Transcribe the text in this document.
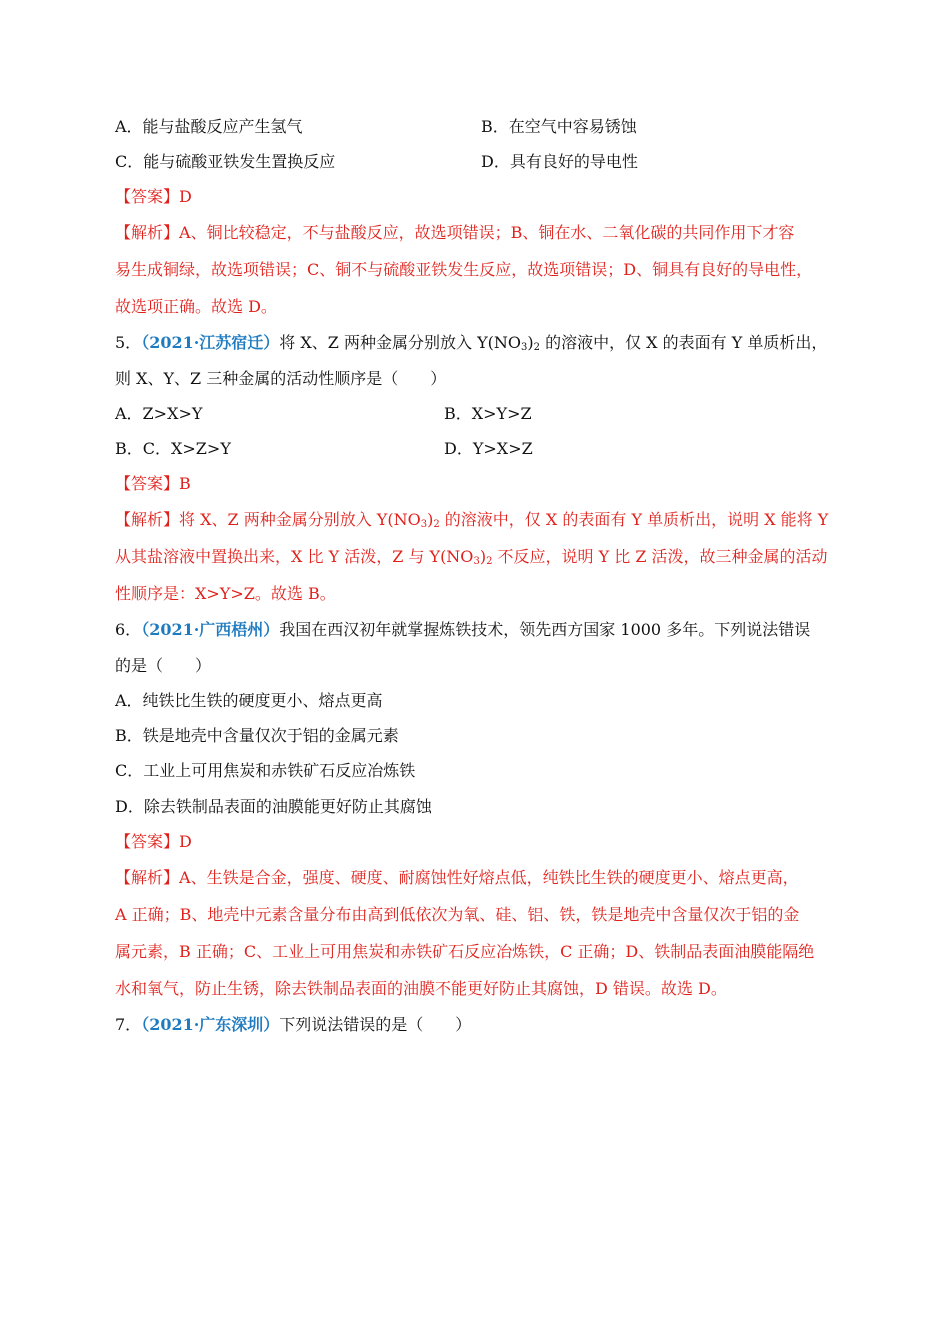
A．能与盐酸反应产生氢气	B．在空气中容易锈蚀
C．能与硫酸亚铁发生置换反应	D．具有良好的导电性
【答案】D
【解析】A、铜比较稳定，不与盐酸反应，故选项错误；B、铜在水、二氧化碳的共同作用下才容
易生成铜绿，故选项错误；C、铜不与硫酸亚铁发生反应，故选项错误；D、铜具有良好的导电性，
故选项正确。故选 D。
5．（2021·江苏宿迁）将 X、Z 两种金属分别放入 $Y(NO_3)_2$ 的溶液中，仅 X 的表面有 Y 单质析出，
则 X、Y、Z 三种金属的活动性顺序是（　　）
A．Z>X>Y	B．X>Y>Z
B．C．X>Z>Y	D．Y>X>Z
【答案】B
【解析】将 X、Z 两种金属分别放入 $Y(NO_3)_2$ 的溶液中，仅 X 的表面有 Y 单质析出，说明 X 能将 Y
从其盐溶液中置换出来，X 比 Y 活泼，Z 与 $Y(NO_3)_2$ 不反应，说明 Y 比 Z 活泼，故三种金属的活动
性顺序是：X>Y>Z。故选 B。
6．（2021·广西梧州）我国在西汉初年就掌握炼铁技术，领先西方国家 1000 多年。下列说法错误
的是（　　）
A．纯铁比生铁的硬度更小、熔点更高
B．铁是地壳中含量仅次于铝的金属元素
C．工业上可用焦炭和赤铁矿石反应冶炼铁
D．除去铁制品表面的油膜能更好防止其腐蚀
【答案】D
【解析】A、生铁是合金，强度、硬度、耐腐蚀性好熔点低，纯铁比生铁的硬度更小、熔点更高，
A 正确；B、地壳中元素含量分布由高到低依次为氧、硅、铝、铁，铁是地壳中含量仅次于铝的金
属元素，B 正确；C、工业上可用焦炭和赤铁矿石反应冶炼铁，C 正确；D、铁制品表面油膜能隔绝
水和氧气，防止生锈，除去铁制品表面的油膜不能更好防止其腐蚀，D 错误。故选 D。
7．（2021·广东深圳）下列说法错误的是（　　）
